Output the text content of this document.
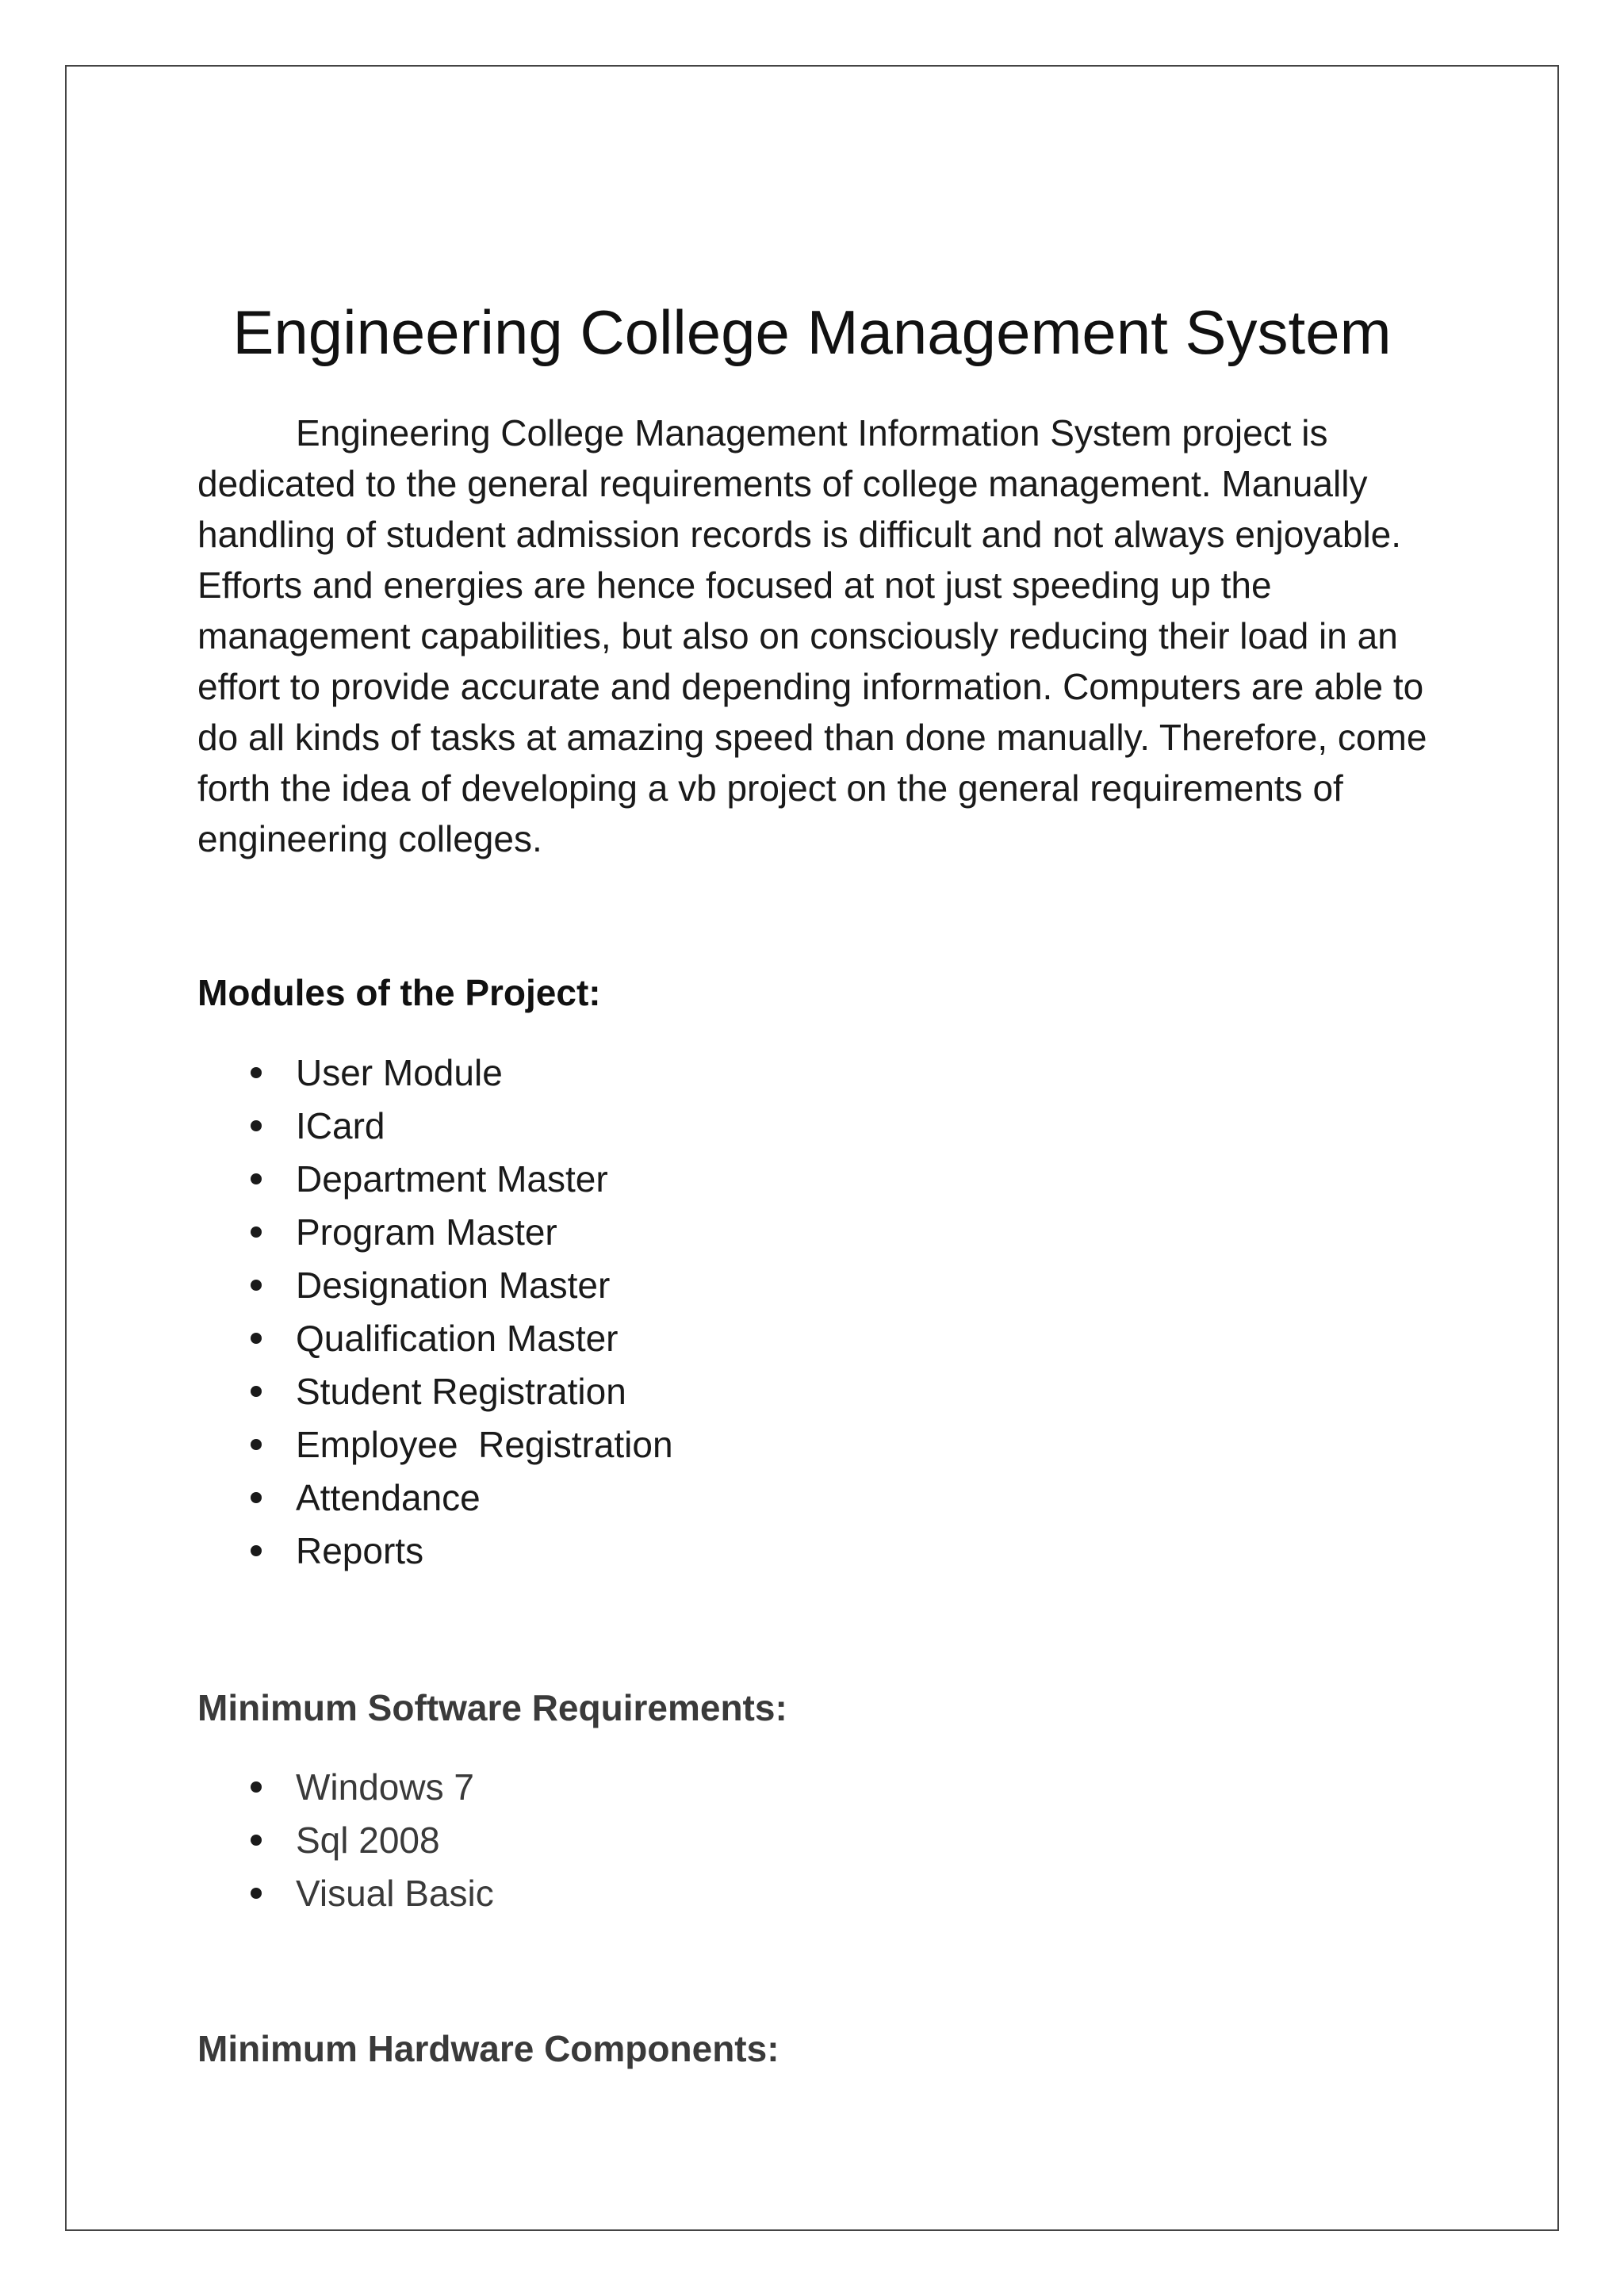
Engineering College Management System

Engineering College Management Information System project is dedicated to the general requirements of college management. Manually handling of student admission records is difficult and not always enjoyable. Efforts and energies are hence focused at not just speeding up the management capabilities, but also on consciously reducing their load in an effort to provide accurate and depending information. Computers are able to do all kinds of tasks at amazing speed than done manually. Therefore, come forth the idea of developing a vb project on the general requirements of engineering colleges.

Modules of the Project:
User Module
ICard
Department Master
Program Master
Designation Master
Qualification Master
Student Registration
Employee  Registration
Attendance
Reports
Minimum Software Requirements:
Windows 7
Sql 2008
Visual Basic
Minimum Hardware Components:
